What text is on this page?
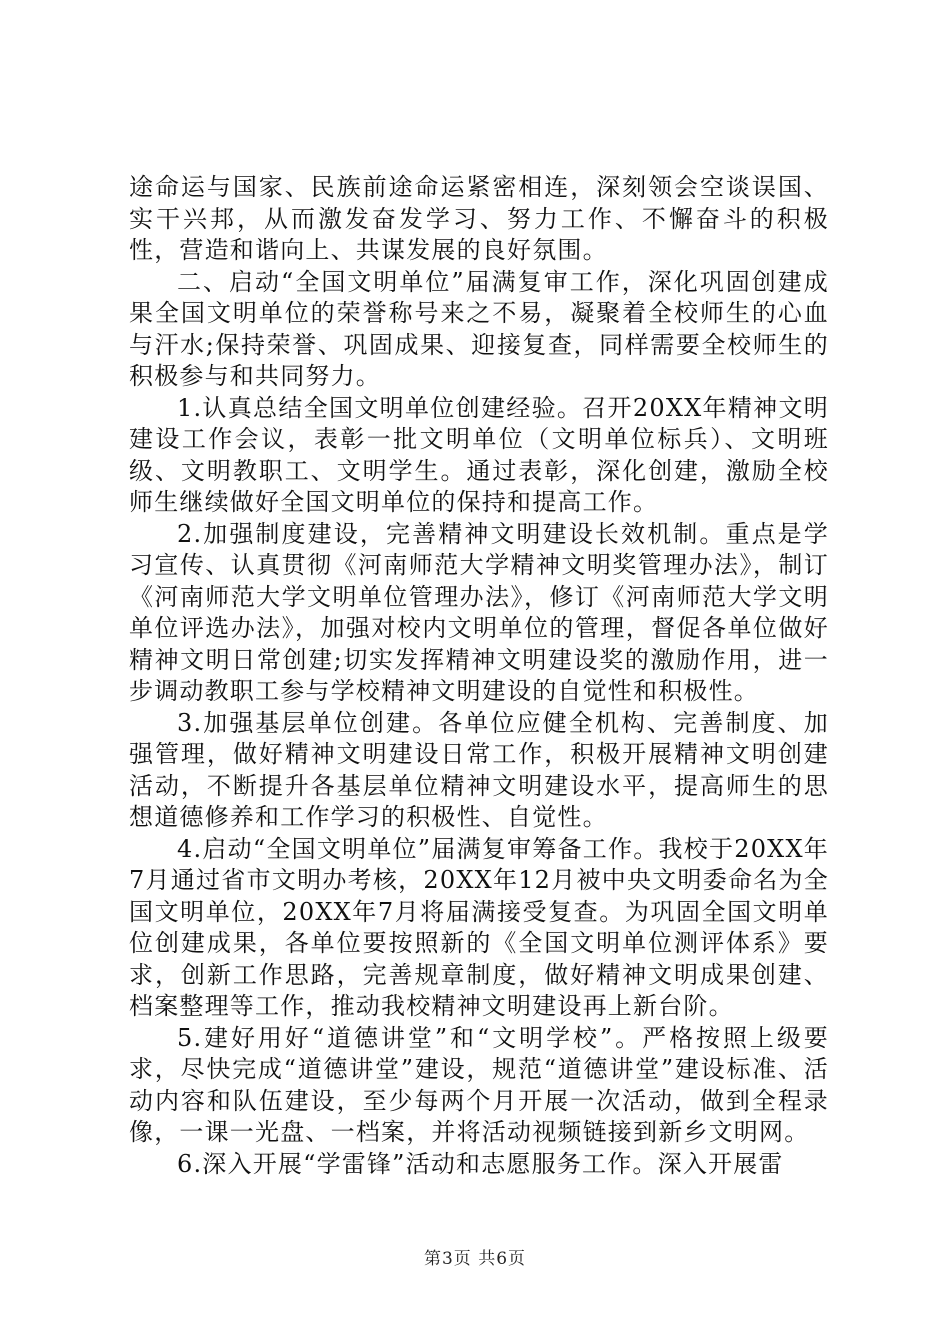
途命运与国家、民族前途命运紧密相连，深刻领会空谈误国、实干兴邦，从而激发奋发学习、努力工作、不懈奋斗的积极性，营造和谐向上、共谋发展的良好氛围。

二、启动“全国文明单位”届满复审工作，深化巩固创建成果全国文明单位的荣誉称号来之不易，凝聚着全校师生的心血与汗水;保持荣誉、巩固成果、迎接复查，同样需要全校师生的积极参与和共同努力。

1.认真总结全国文明单位创建经验。召开20XX年精神文明建设工作会议，表彰一批文明单位（文明单位标兵）、文明班级、文明教职工、文明学生。通过表彰，深化创建，激励全校师生继续做好全国文明单位的保持和提高工作。

2.加强制度建设，完善精神文明建设长效机制。重点是学习宣传、认真贯彻《河南师范大学精神文明奖管理办法》，制订《河南师范大学文明单位管理办法》，修订《河南师范大学文明单位评选办法》，加强对校内文明单位的管理，督促各单位做好精神文明日常创建;切实发挥精神文明建设奖的激励作用，进一步调动教职工参与学校精神文明建设的自觉性和积极性。

3.加强基层单位创建。各单位应健全机构、完善制度、加强管理，做好精神文明建设日常工作，积极开展精神文明创建活动，不断提升各基层单位精神文明建设水平，提高师生的思想道德修养和工作学习的积极性、自觉性。

4.启动“全国文明单位”届满复审筹备工作。我校于20XX年7月通过省市文明办考核，20XX年12月被中央文明委命名为全国文明单位，20XX年7月将届满接受复查。为巩固全国文明单位创建成果，各单位要按照新的《全国文明单位测评体系》要求，创新工作思路，完善规章制度，做好精神文明成果创建、档案整理等工作，推动我校精神文明建设再上新台阶。

5.建好用好“道德讲堂”和“文明学校”。严格按照上级要求，尽快完成“道德讲堂”建设，规范“道德讲堂”建设标准、活动内容和队伍建设，至少每两个月开展一次活动，做到全程录像，一课一光盘、一档案，并将活动视频链接到新乡文明网。

6.深入开展“学雷锋”活动和志愿服务工作。深入开展雷

第3页 共6页
